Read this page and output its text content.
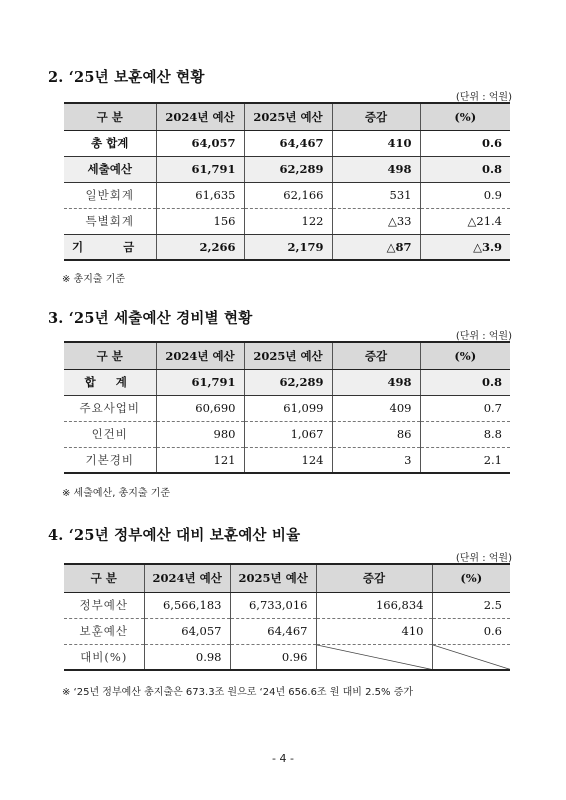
2. ‘25년 보훈예산 현황
(단위 : 억원)
구 분	2024년 예산	2025년 예산	증감	(%)
총 합계	64,057	64,467	410	0.6
세출예산	61,791	62,289	498	0.8
일반회계	61,635	62,166	531	0.9
특별회계	156	122	△33	△21.4
기 금	2,266	2,179	△87	△3.9
※ 총지출 기준
3. ‘25년 세출예산 경비별 현황
(단위 : 억원)
구 분	2024년 예산	2025년 예산	증감	(%)
합 계	61,791	62,289	498	0.8
주요사업비	60,690	61,099	409	0.7
인건비	980	1,067	86	8.8
기본경비	121	124	3	2.1
※ 세출예산, 총지출 기준
4. ‘25년 정부예산 대비 보훈예산 비율
(단위 : 억원)
구 분	2024년 예산	2025년 예산	증감	(%)
정부예산	6,566,183	6,733,016	166,834	2.5
보훈예산	64,057	64,467	410	0.6
대비(%)	0.98	0.96	

※ ‘25년 정부예산 총지출은 673.3조 원으로 ‘24년 656.6조 원 대비 2.5% 증가
- 4 -
